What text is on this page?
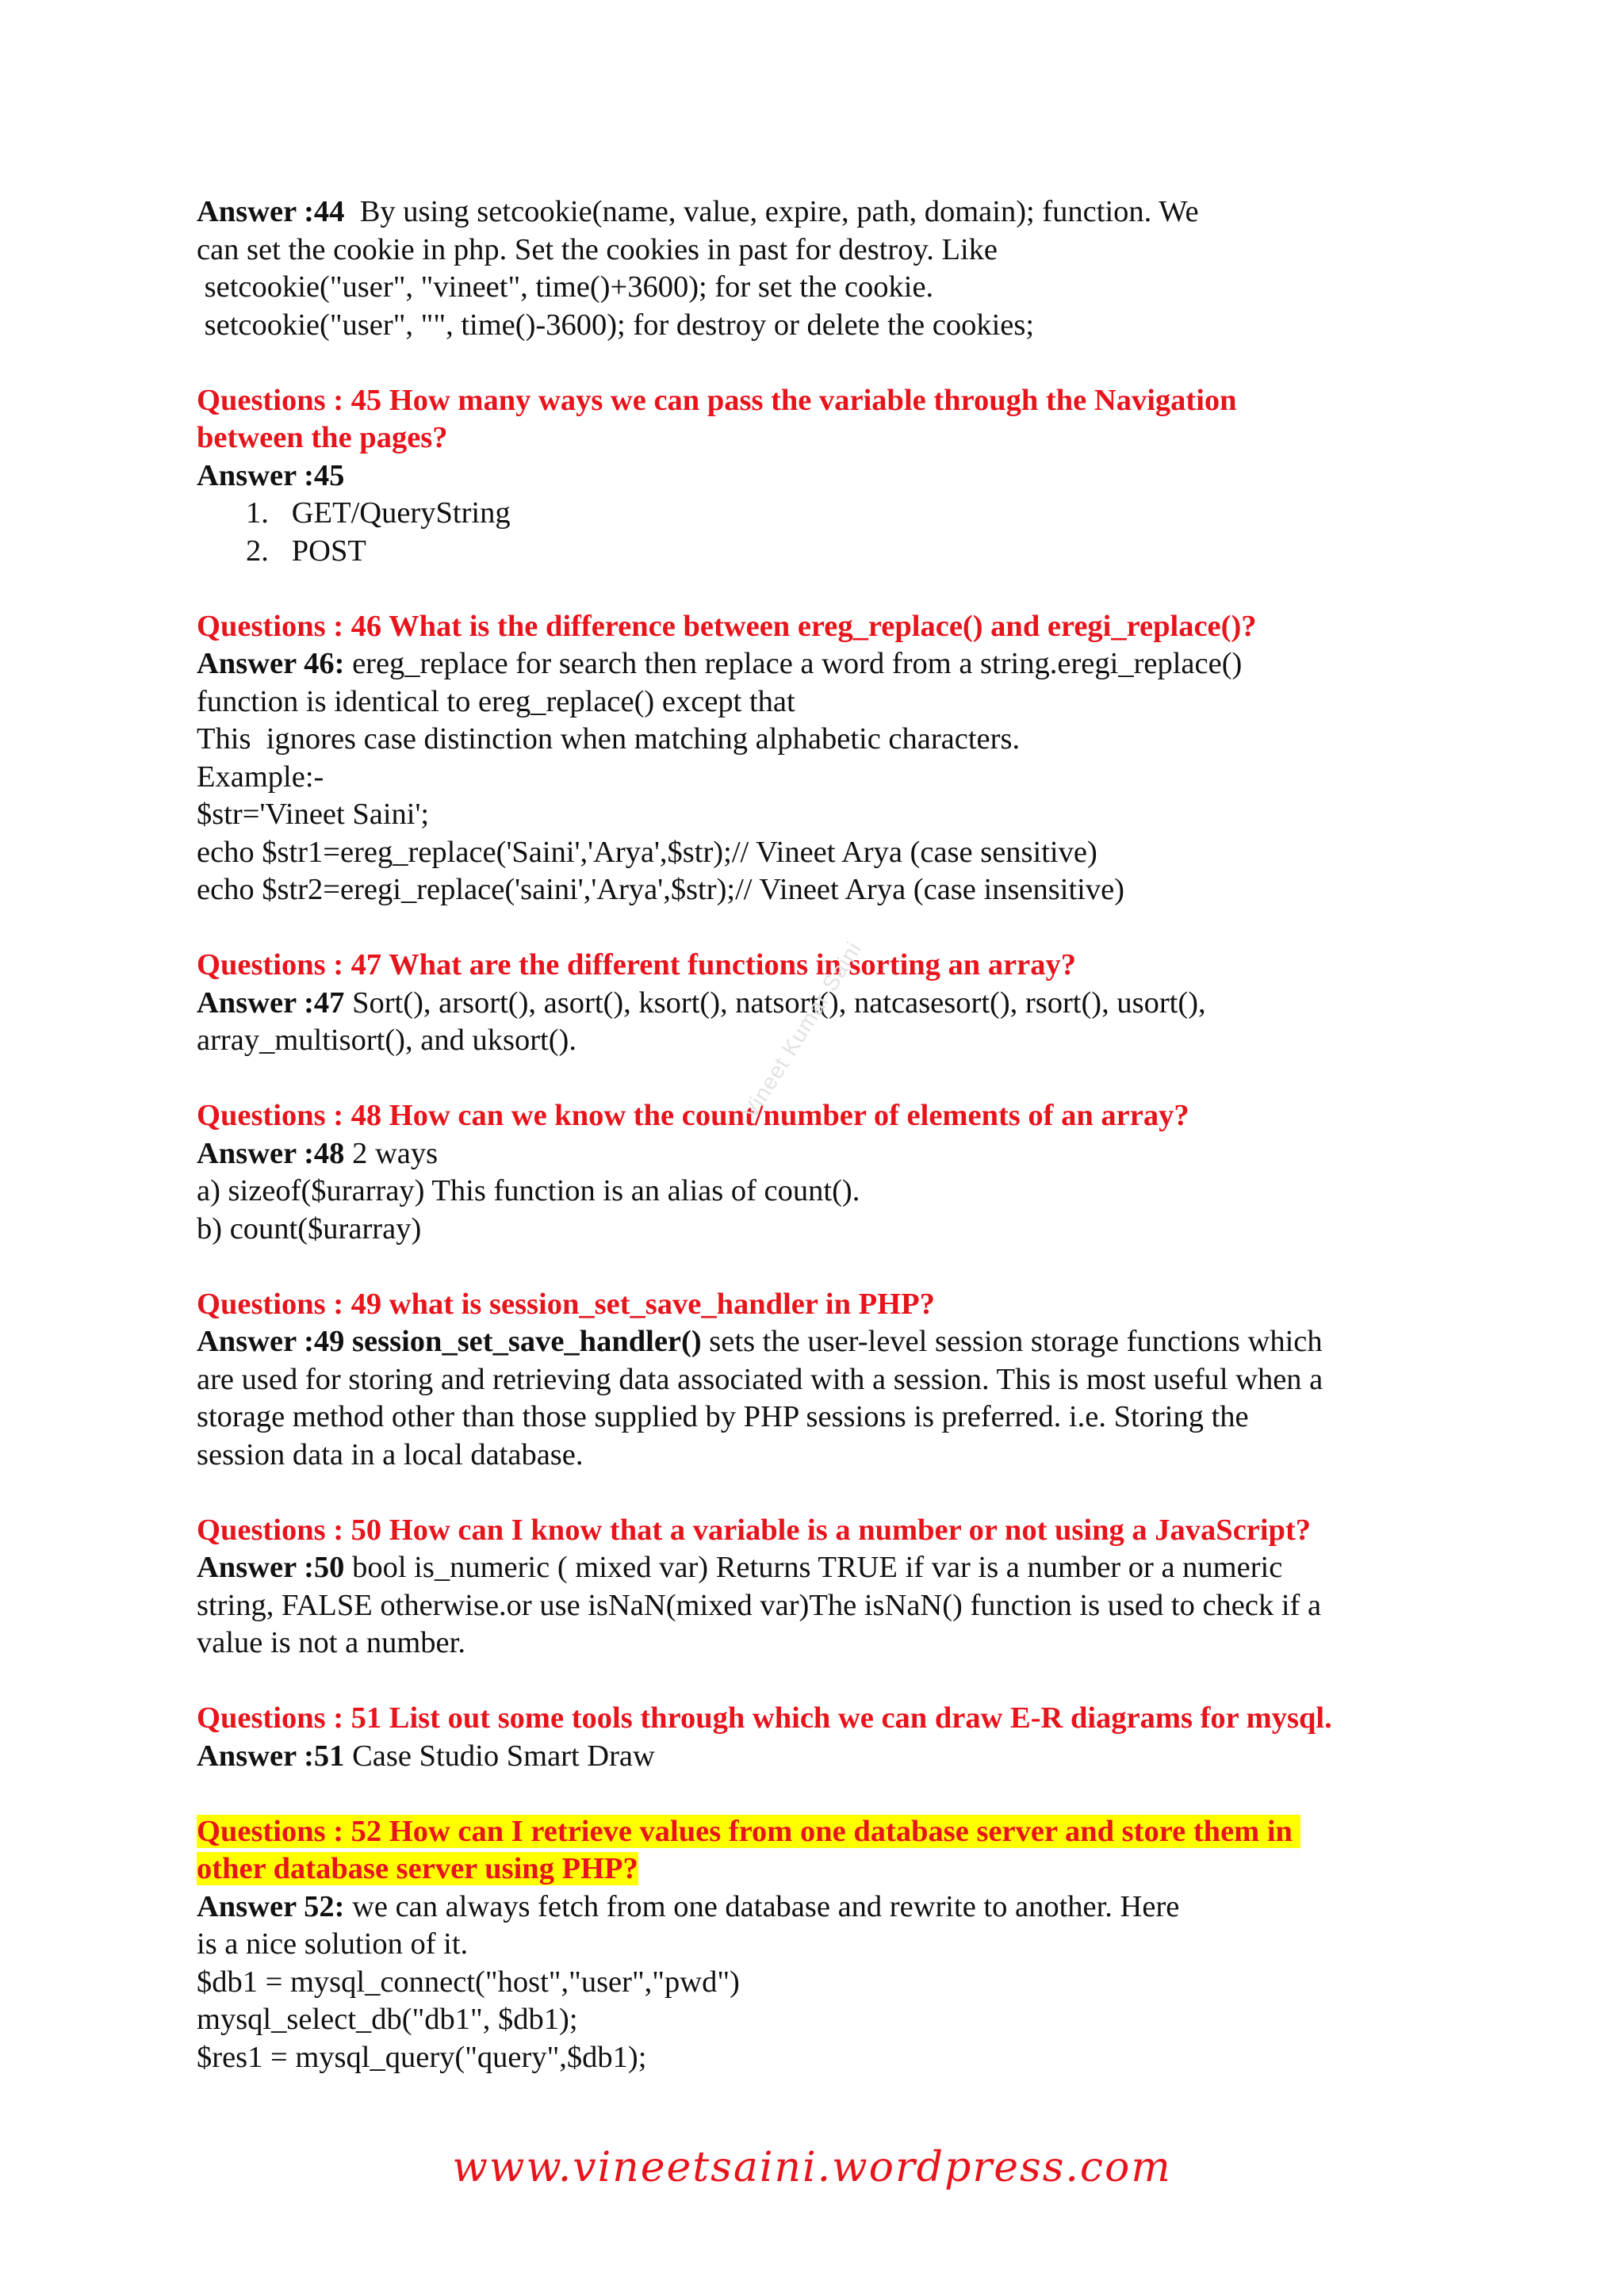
Answer :44  By using setcookie(name, value, expire, path, domain); function. We
can set the cookie in php. Set the cookies in past for destroy. Like
setcookie("user", "vineet", time()+3600); for set the cookie.
setcookie("user", "", time()-3600); for destroy or delete the cookies;
Questions : 45 How many ways we can pass the variable through the Navigation
between the pages?
Answer :45
1.   GET/QueryString
2.   POST
Questions : 46 What is the difference between ereg_replace() and eregi_replace()?
Answer 46: ereg_replace for search then replace a word from a string.eregi_replace()
function is identical to ereg_replace() except that
This  ignores case distinction when matching alphabetic characters.
Example:-
$str='Vineet Saini';
echo $str1=ereg_replace('Saini','Arya',$str);// Vineet Arya (case sensitive)
echo $str2=eregi_replace('saini','Arya',$str);// Vineet Arya (case insensitive)
Questions : 47 What are the different functions in sorting an array?
Answer :47 Sort(), arsort(), asort(), ksort(), natsort(), natcasesort(), rsort(), usort(),
array_multisort(), and uksort().
Questions : 48 How can we know the count/number of elements of an array?
Answer :48 2 ways
a) sizeof($urarray) This function is an alias of count().
b) count($urarray)
Questions : 49 what is session_set_save_handler in PHP?
Answer :49 session_set_save_handler() sets the user-level session storage functions which
are used for storing and retrieving data associated with a session. This is most useful when a
storage method other than those supplied by PHP sessions is preferred. i.e. Storing the
session data in a local database.
Questions : 50 How can I know that a variable is a number or not using a JavaScript?
Answer :50 bool is_numeric ( mixed var) Returns TRUE if var is a number or a numeric
string, FALSE otherwise.or use isNaN(mixed var)The isNaN() function is used to check if a
value is not a number.
Questions : 51 List out some tools through which we can draw E-R diagrams for mysql.
Answer :51 Case Studio Smart Draw
Questions : 52 How can I retrieve values from one database server and store them in
other database server using PHP?
Answer 52: we can always fetch from one database and rewrite to another. Here
is a nice solution of it.
$db1 = mysql_connect("host","user","pwd")
mysql_select_db("db1", $db1);
$res1 = mysql_query("query",$db1);
Vineet Kumar Saini
www.vineetsaini.wordpress.com
